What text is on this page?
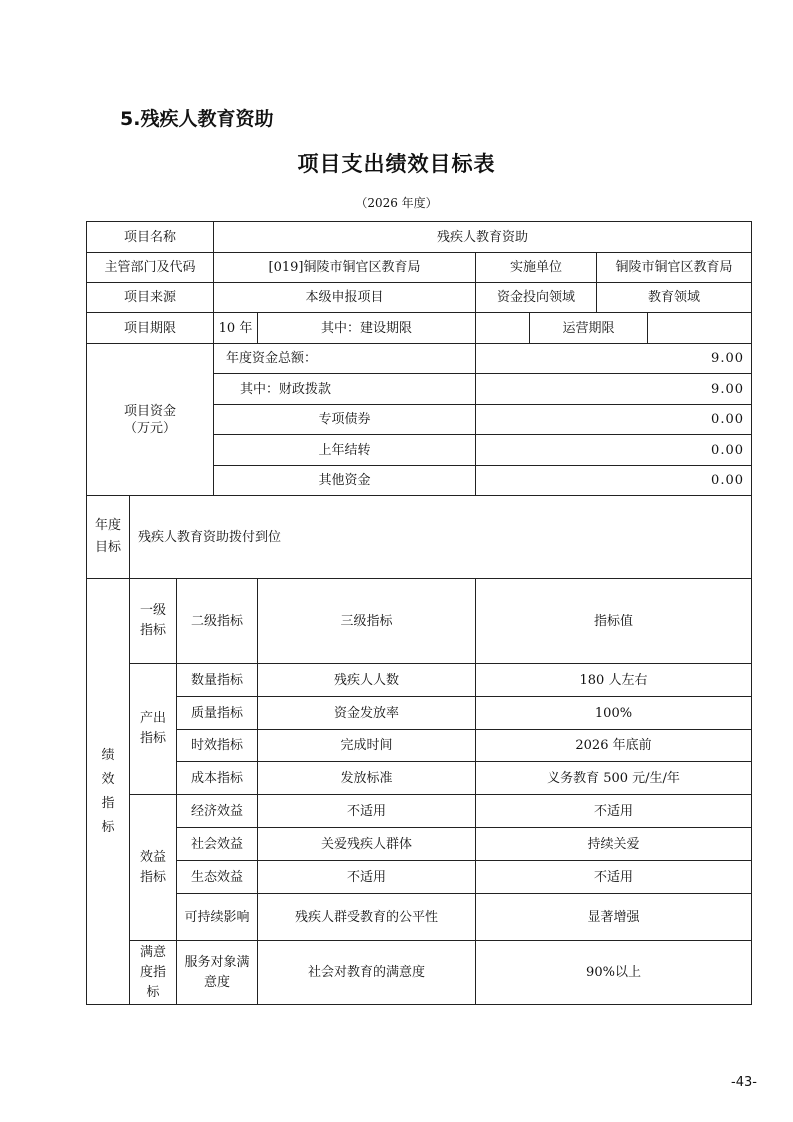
5.残疾人教育资助
项目支出绩效目标表
（2026 年度）
项目名称			残疾人教育资助					
主管部门及代码			[019]铜陵市铜官区教育局		实施单位		铜陵市铜官区教育局	
项目来源			本级申报项目		资金投向领域		教育领域	
项目期限			10 年	其中：建设期限		运营期限		
项目资金
（万元）			年度资金总额：		9.00			
			其中：财政拨款		9.00			
			专项债券		0.00			
			上年结转		0.00			
			其他资金		0.00			
年度目标	残疾人教育资助拨付到位							
绩效指标	一级指标	二级指标		三级指标	指标值			
	产出指标	数量指标		残疾人人数	180 人左右			
		质量指标		资金发放率	100%			
		时效指标		完成时间	2026 年底前			
		成本指标		发放标准	义务教育 500 元/生/年			
	效益指标	经济效益		不适用	不适用			
		社会效益		关爱残疾人群体	持续关爱			
		生态效益		不适用	不适用			
		可持续影响		残疾人群受教育的公平性	显著增强			
	满意度指标	服务对象满意度		社会对教育的满意度	90%以上			
-43-
